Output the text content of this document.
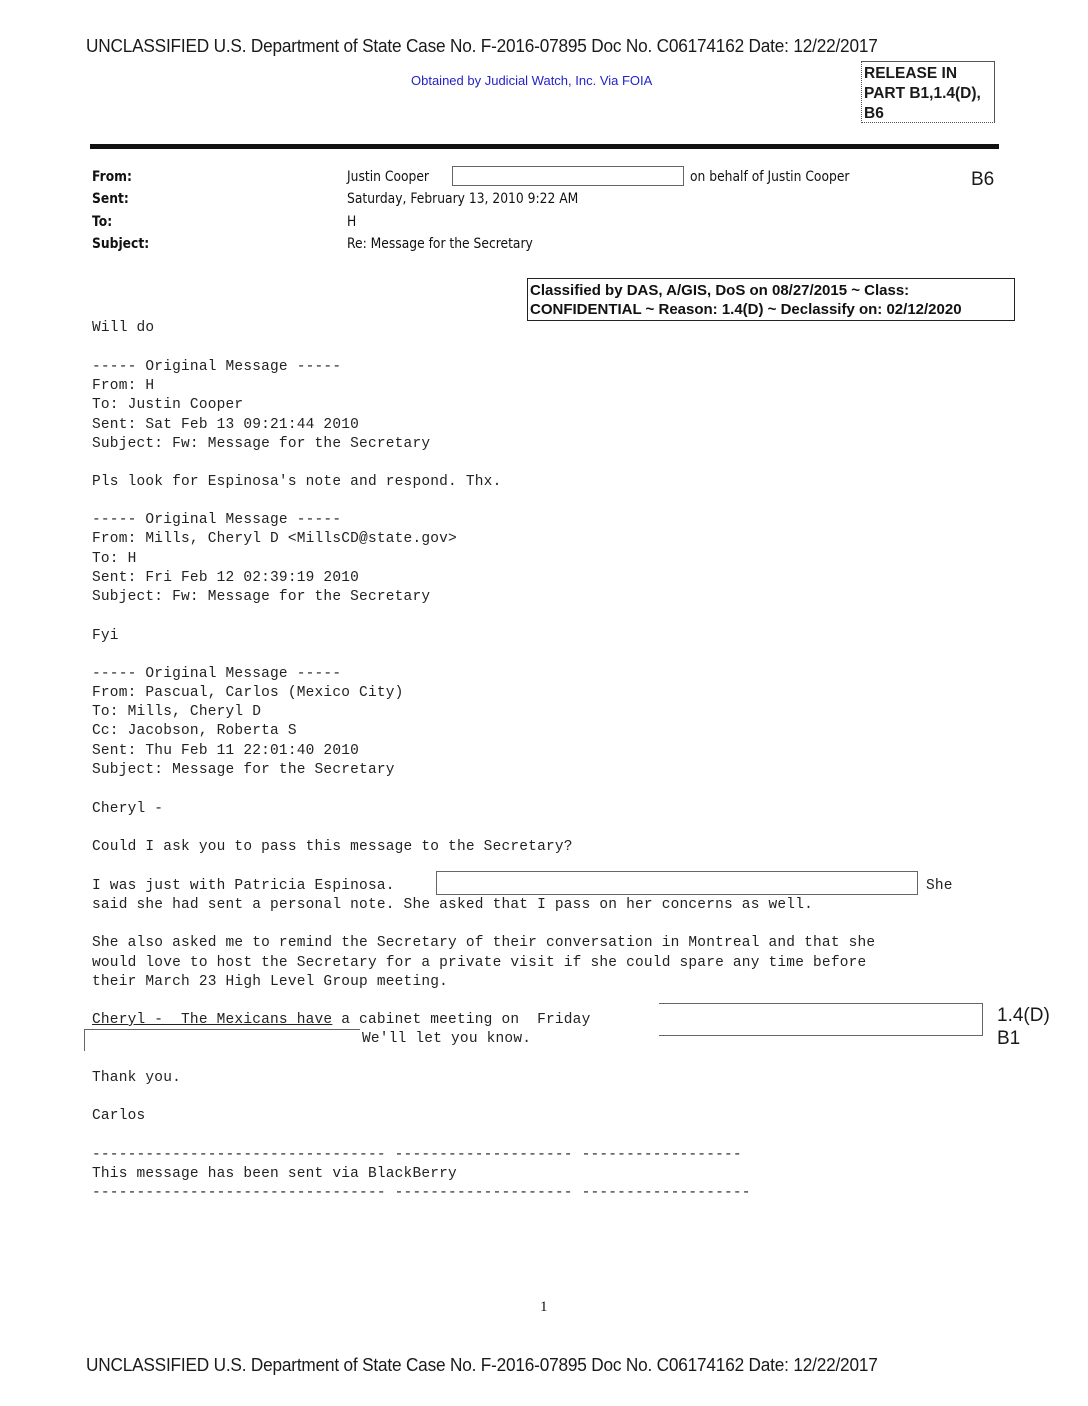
UNCLASSIFIED U.S. Department of State Case No. F-2016-07895 Doc No. C06174162 Date: 12/22/2017
Obtained by Judicial Watch, Inc. Via FOIA	RELEASE IN
PART B1,1.4(D),
B6
From:	Justin Cooper	on behalf of Justin Cooper	B6
Sent:	Saturday, February 13, 2010 9:22 AM
To:	H
Subject:	Re: Message for the Secretary
Classified by DAS, A/GIS, DoS on 08/27/2015 ~ Class:
CONFIDENTIAL ~ Reason: 1.4(D) ~ Declassify on: 02/12/2020
Will do
----- Original Message -----
From: H
To: Justin Cooper
Sent: Sat Feb 13 09:21:44 2010
Subject: Fw: Message for the Secretary
Pls look for Espinosa's note and respond. Thx.
----- Original Message -----
From: Mills, Cheryl D <MillsCD@state.gov>
To: H
Sent: Fri Feb 12 02:39:19 2010
Subject: Fw: Message for the Secretary
Fyi
----- Original Message -----
From: Pascual, Carlos (Mexico City)
To: Mills, Cheryl D
Cc: Jacobson, Roberta S
Sent: Thu Feb 11 22:01:40 2010
Subject: Message for the Secretary
Cheryl -
Could I ask you to pass this message to the Secretary?
I was just with Patricia Espinosa.	She
said she had sent a personal note. She asked that I pass on her concerns as well.
She also asked me to remind the Secretary of their conversation in Montreal and that she
would love to host the Secretary for a private visit if she could spare any time before
their March 23 High Level Group meeting.
Cheryl -  The Mexicans have a cabinet meeting on  Friday
We'll let you know.
1.4(D)
B1
Thank you.
Carlos
--------------------------------- -------------------- ------------------
This message has been sent via BlackBerry
--------------------------------- -------------------- -------------------
1
UNCLASSIFIED U.S. Department of State Case No. F-2016-07895 Doc No. C06174162 Date: 12/22/2017
